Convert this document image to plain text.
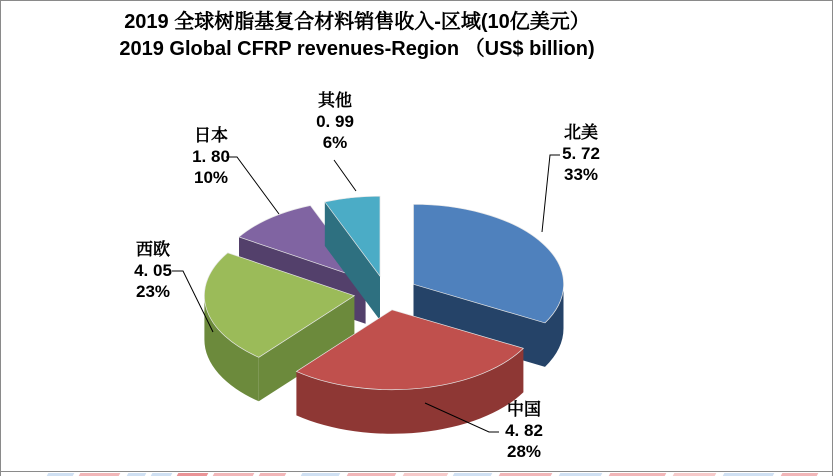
2019 全球树脂基复合材料销售收入-区域(10亿美元）
2019 Global CFRP revenues-Region （US$ billion)
北美
5. 72
33%
中国
4. 82
28%
西欧
4. 05
23%
日本
1. 80
10%
其他
0. 99
6%
